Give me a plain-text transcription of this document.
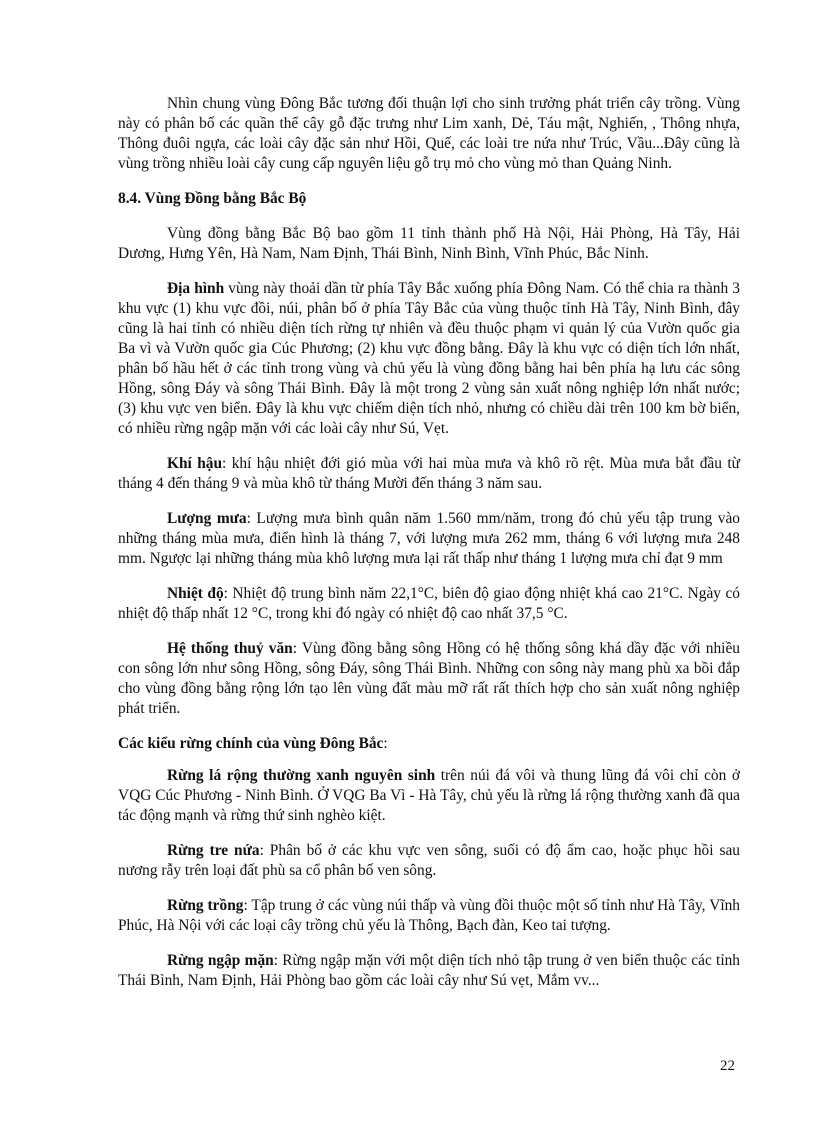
Nhìn chung vùng Đông Bắc tương đối thuận lợi cho sinh trưởng phát triển cây trồng. Vùng này có phân bố các quần thể cây gỗ đặc trưng như Lim xanh, Dẻ, Táu mật, Nghiến, , Thông nhựa, Thông đuôi ngựa, các loài cây đặc sản như Hồi, Quế, các loài tre nứa như Trúc, Vầu...Đây cũng là vùng trồng nhiều loài cây cung cấp nguyên liệu gỗ trụ mỏ cho vùng mỏ than Quảng Ninh.

8.4. Vùng Đồng bằng Bắc Bộ

Vùng đồng bằng Bắc Bộ bao gồm 11 tỉnh thành phố Hà Nội, Hải Phòng, Hà Tây, Hải Dương, Hưng Yên, Hà Nam, Nam Định, Thái Bình, Ninh Bình, Vĩnh Phúc, Bắc Ninh.

Địa hình vùng này thoải dần từ phía Tây Bắc xuống phía Đông Nam. Có thể chia ra thành 3 khu vực (1) khu vực đồi, núi, phân bố ở phía Tây Bắc của vùng thuộc tỉnh Hà Tây, Ninh Bình, đây cũng là hai tỉnh có nhiều diện tích rừng tự nhiên và đều thuộc phạm vi quản lý của Vườn quốc gia Ba vì và Vườn quốc gia Cúc Phương; (2) khu vực đồng bằng. Đây là khu vực có diện tích lớn nhất, phân bố hầu hết ở các tỉnh trong vùng và chủ yếu là vùng đồng bằng hai bên phía hạ lưu các sông Hồng, sông Đáy và sông Thái Bình. Đây là một trong 2 vùng sản xuất nông nghiệp lớn nhất nước; (3) khu vực ven biển. Đây là khu vực chiếm diện tích nhỏ, nhưng có chiều dài trên 100 km bờ biển, có nhiều rừng ngập mặn với các loài cây như Sú, Vẹt.

Khí hậu: khí hậu nhiệt đới gió mùa với hai mùa mưa và khô rõ rệt. Mùa mưa bắt đầu từ tháng 4 đến tháng 9 và mùa khô từ tháng Mười đến tháng 3 năm sau.

Lượng mưa: Lượng mưa bình quân năm 1.560 mm/năm, trong đó chủ yếu tập trung vào những tháng mùa mưa, điển hình là tháng 7, với lượng mưa 262 mm, tháng 6 với lượng mưa 248 mm. Ngược lại những tháng mùa khô lượng mưa lại rất thấp như tháng 1 lượng mưa chỉ đạt 9 mm

Nhiệt độ: Nhiệt độ trung bình năm 22,1°C, biên độ giao động nhiệt khá cao 21°C. Ngày có nhiệt độ thấp nhất 12 °C, trong khi đó ngày có nhiệt độ cao nhất 37,5 °C.

Hệ thống thuỷ văn: Vùng đồng bằng sông Hồng có hệ thống sông khá dầy đặc với nhiều con sông lớn như sông Hồng, sông Đáy, sông Thái Bình. Những con sông này mang phù xa bồi đắp cho vùng đồng bằng rộng lớn tạo lên vùng đất màu mỡ rất rất thích hợp cho sản xuất nông nghiệp phát triển.

Các kiểu rừng chính của vùng Đông Bắc:

Rừng lá rộng thường xanh nguyên sinh trên núi đá vôi và thung lũng đá vôi chỉ còn ở VQG Cúc Phương - Ninh Bình. Ở VQG Ba Vì - Hà Tây, chủ yếu là rừng lá rộng thường xanh đã qua tác động mạnh và rừng thứ sinh nghèo kiệt.

Rừng tre nứa: Phân bố ở các khu vực ven sông, suối có độ ẩm cao, hoặc phục hồi sau nương rẫy trên loại đất phù sa cổ phân bố ven sông.

Rừng trồng: Tập trung ở các vùng núi thấp và vùng đồi thuộc một số tỉnh như Hà Tây, Vĩnh Phúc, Hà Nội với các loại cây trồng chủ yếu là Thông, Bạch đàn, Keo tai tượng.

Rừng ngập mặn: Rừng ngập mặn với một diện tích nhỏ tập trung ở ven biển thuộc các tỉnh Thái Bình, Nam Định, Hải Phòng bao gồm các loài cây như Sú vẹt, Mắm vv...

22
